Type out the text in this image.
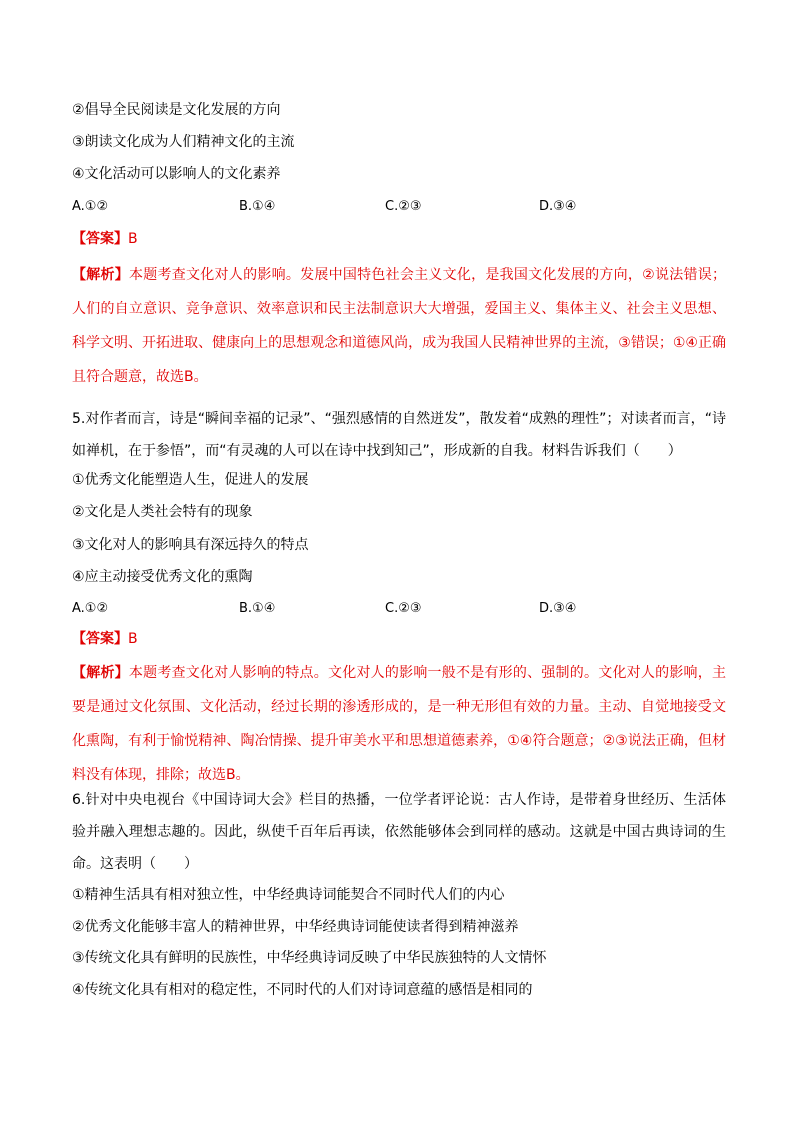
②倡导全民阅读是文化发展的方向
③朗读文化成为人们精神文化的主流
④文化活动可以影响人的文化素养
A.①②	B.①④	C.②③	D.③④
【答案】B
【解析】本题考查文化对人的影响。发展中国特色社会主义文化，是我国文化发展的方向，②说法错误；人们的自立意识、竞争意识、效率意识和民主法制意识大大增强，爱国主义、集体主义、社会主义思想、科学文明、开拓进取、健康向上的思想观念和道德风尚，成为我国人民精神世界的主流，③错误；①④正确且符合题意，故选B。
5.对作者而言，诗是“瞬间幸福的记录”、“强烈感情的自然迸发”，散发着“成熟的理性”；对读者而言，“诗如禅机，在于参悟”，而“有灵魂的人可以在诗中找到知己”，形成新的自我。材料告诉我们（　　）
①优秀文化能塑造人生，促进人的发展
②文化是人类社会特有的现象
③文化对人的影响具有深远持久的特点
④应主动接受优秀文化的熏陶
A.①②	B.①④	C.②③	D.③④
【答案】B
【解析】本题考查文化对人影响的特点。文化对人的影响一般不是有形的、强制的。文化对人的影响，主要是通过文化氛围、文化活动，经过长期的渗透形成的，是一种无形但有效的力量。主动、自觉地接受文化熏陶，有利于愉悦精神、陶冶情操、提升审美水平和思想道德素养，①④符合题意；②③说法正确，但材料没有体现，排除；故选B。
6.针对中央电视台《中国诗词大会》栏目的热播，一位学者评论说：古人作诗，是带着身世经历、生活体验并融入理想志趣的。因此，纵使千百年后再读，依然能够体会到同样的感动。这就是中国古典诗词的生命。这表明（　　）
①精神生活具有相对独立性，中华经典诗词能契合不同时代人们的内心
②优秀文化能够丰富人的精神世界，中华经典诗词能使读者得到精神滋养
③传统文化具有鲜明的民族性，中华经典诗词反映了中华民族独特的人文情怀
④传统文化具有相对的稳定性，不同时代的人们对诗词意蕴的感悟是相同的
